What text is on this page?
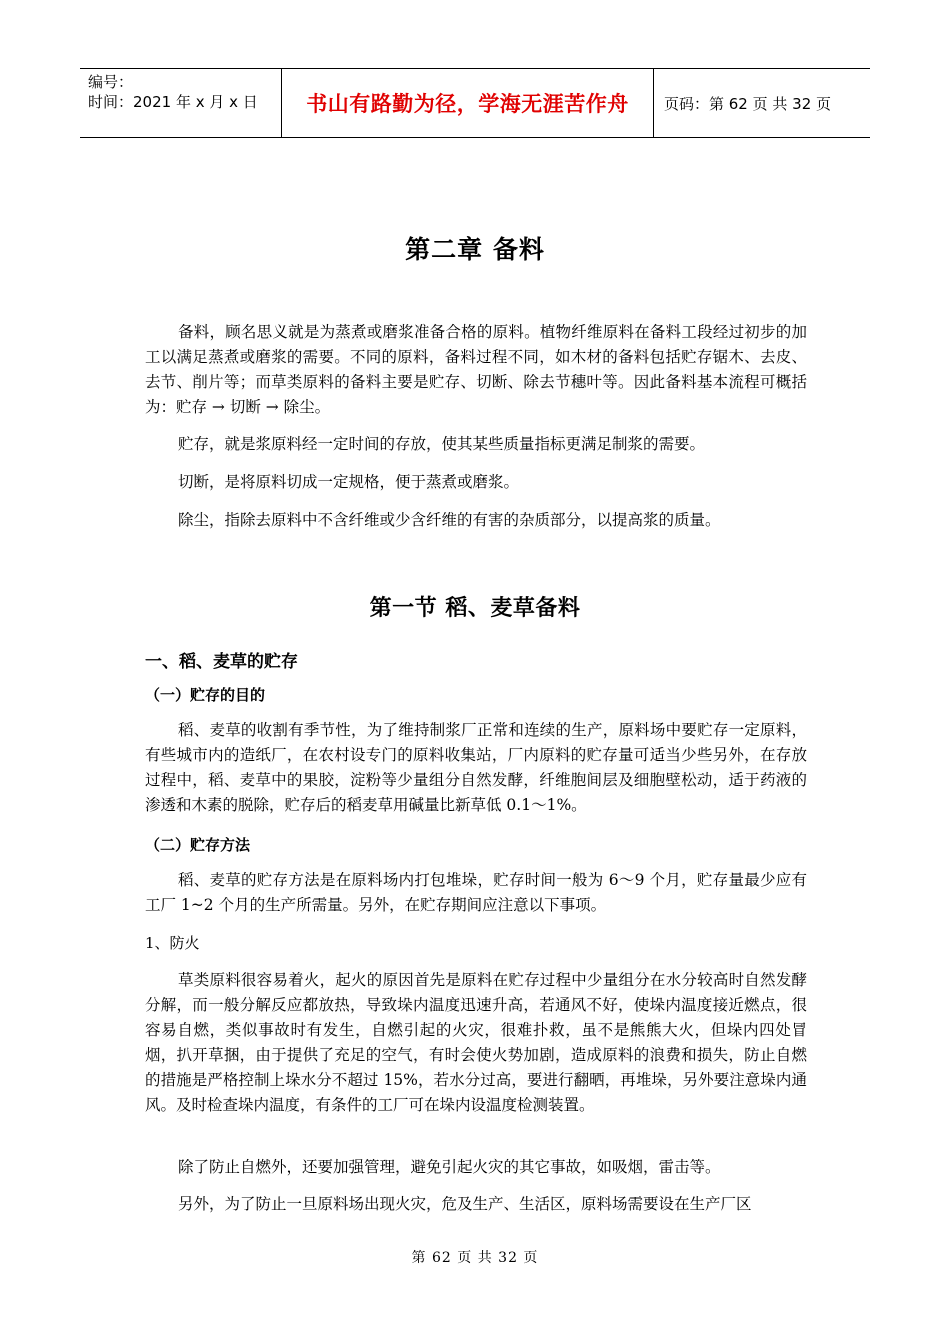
编号：
时间：2021 年 x 月 x 日	书山有路勤为径，学海无涯苦作舟	页码：第 62 页 共 32 页
第二章 备料

备料，顾名思义就是为蒸煮或磨浆准备合格的原料。植物纤维原料在备料工段经过初步的加工以满足蒸煮或磨浆的需要。不同的原料，备料过程不同，如木材的备料包括贮存锯木、去皮、去节、削片等；而草类原料的备料主要是贮存、切断、除去节穗叶等。因此备料基本流程可概括为：贮存 → 切断 → 除尘。

贮存，就是浆原料经一定时间的存放，使其某些质量指标更满足制浆的需要。

切断，是将原料切成一定规格，便于蒸煮或磨浆。

除尘，指除去原料中不含纤维或少含纤维的有害的杂质部分，以提高浆的质量。

第一节 稻、麦草备料
一、稻、麦草的贮存
（一）贮存的目的

稻、麦草的收割有季节性，为了维持制浆厂正常和连续的生产，原料场中要贮存一定原料，有些城市内的造纸厂，在农村设专门的原料收集站，厂内原料的贮存量可适当少些另外，在存放过程中，稻、麦草中的果胶，淀粉等少量组分自然发酵，纤维胞间层及细胞壁松动，适于药液的渗透和木素的脱除，贮存后的稻麦草用碱量比新草低 0.1～1%。

（二）贮存方法

稻、麦草的贮存方法是在原料场内打包堆垛，贮存时间一般为 6～9 个月，贮存量最少应有工厂 1~2 个月的生产所需量。另外，在贮存期间应注意以下事项。

1、防火

草类原料很容易着火，起火的原因首先是原料在贮存过程中少量组分在水分较高时自然发酵分解，而一般分解反应都放热，导致垛内温度迅速升高，若通风不好，使垛内温度接近燃点，很容易自燃，类似事故时有发生，自燃引起的火灾，很难扑救，虽不是熊熊大火，但垛内四处冒烟，扒开草捆，由于提供了充足的空气，有时会使火势加剧，造成原料的浪费和损失，防止自燃的措施是严格控制上垛水分不超过 15%，若水分过高，要进行翻晒，再堆垛，另外要注意垛内通风。及时检查垛内温度，有条件的工厂可在垛内设温度检测装置。

除了防止自燃外，还要加强管理，避免引起火灾的其它事故，如吸烟，雷击等。

另外，为了防止一旦原料场出现火灾，危及生产、生活区，原料场需要设在生产厂区

第 62 页 共 32 页
